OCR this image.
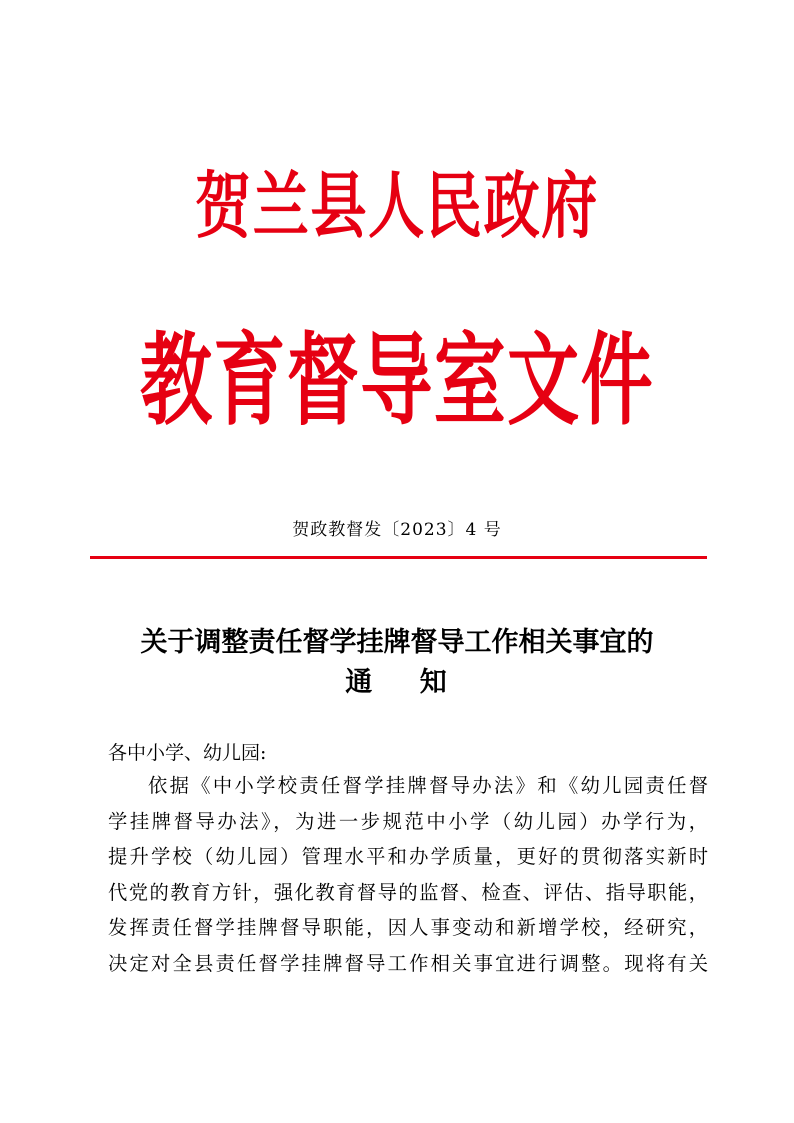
贺兰县人民政府
教育督导室文件
贺政教督发〔2023〕4 号
关于调整责任督学挂牌督导工作相关事宜的
通    知
各中小学、幼儿园:
依据《中小学校责任督学挂牌督导办法》和《幼儿园责任督
学挂牌督导办法》，为进一步规范中小学（幼儿园）办学行为，
提升学校（幼儿园）管理水平和办学质量，更好的贯彻落实新时
代党的教育方针，强化教育督导的监督、检查、评估、指导职能，
发挥责任督学挂牌督导职能，因人事变动和新增学校，经研究，
决定对全县责任督学挂牌督导工作相关事宜进行调整。现将有关
